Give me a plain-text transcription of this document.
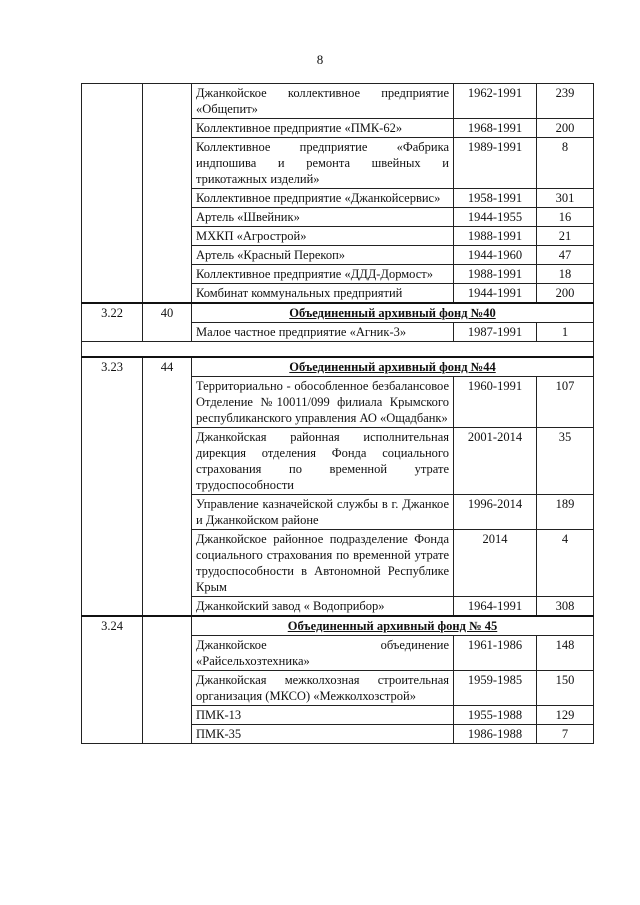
8
		Джанкойское коллективное предприятие «Общепит»	1962-1991	239
		Коллективное предприятие «ПМК-62»	1968-1991	200
		Коллективное предприятие «Фабрика индпошива и ремонта швейных и трикотажных изделий»	1989-1991	8
		Коллективное предприятие «Джанкойсервис»	1958-1991	301
		Артель «Швейник»	1944-1955	16
		МХКП «Агрострой»	1988-1991	21
		Артель «Красный Перекоп»	1944-1960	47
		Коллективное предприятие «ДДД-Дормост»	1988-1991	18
		Комбинат коммунальных предприятий	1944-1991	200
3.22	40	Объединенный архивный фонд №40		
		Малое частное предприятие «Агник-3»	1987-1991	1

3.23	44	Объединенный архивный фонд №44		
		Территориально - обособленное безбалансовое Отделение №10011/099 филиала Крымского республиканского управления АО «Ощадбанк»	1960-1991	107
		Джанкойская районная исполнительная дирекция отделения Фонда социального страхования по временной утрате трудоспособности	2001-2014	35
		Управление казначейской службы в г. Джанкое и Джанкойском районе	1996-2014	189
		Джанкойское районное подразделение Фонда социального страхования по временной утрате трудоспособности в Автономной Республике Крым	2014	4
		Джанкойский завод « Водоприбор»	1964-1991	308
3.24		Объединенный архивный фонд № 45		
		Джанкойское объединение «Райсельхозтехника»	1961-1986	148
		Джанкойская межколхозная строительная организация (МКСО) «Межколхозстрой»	1959-1985	150
		ПМК-13	1955-1988	129
		ПМК-35	1986-1988	7
